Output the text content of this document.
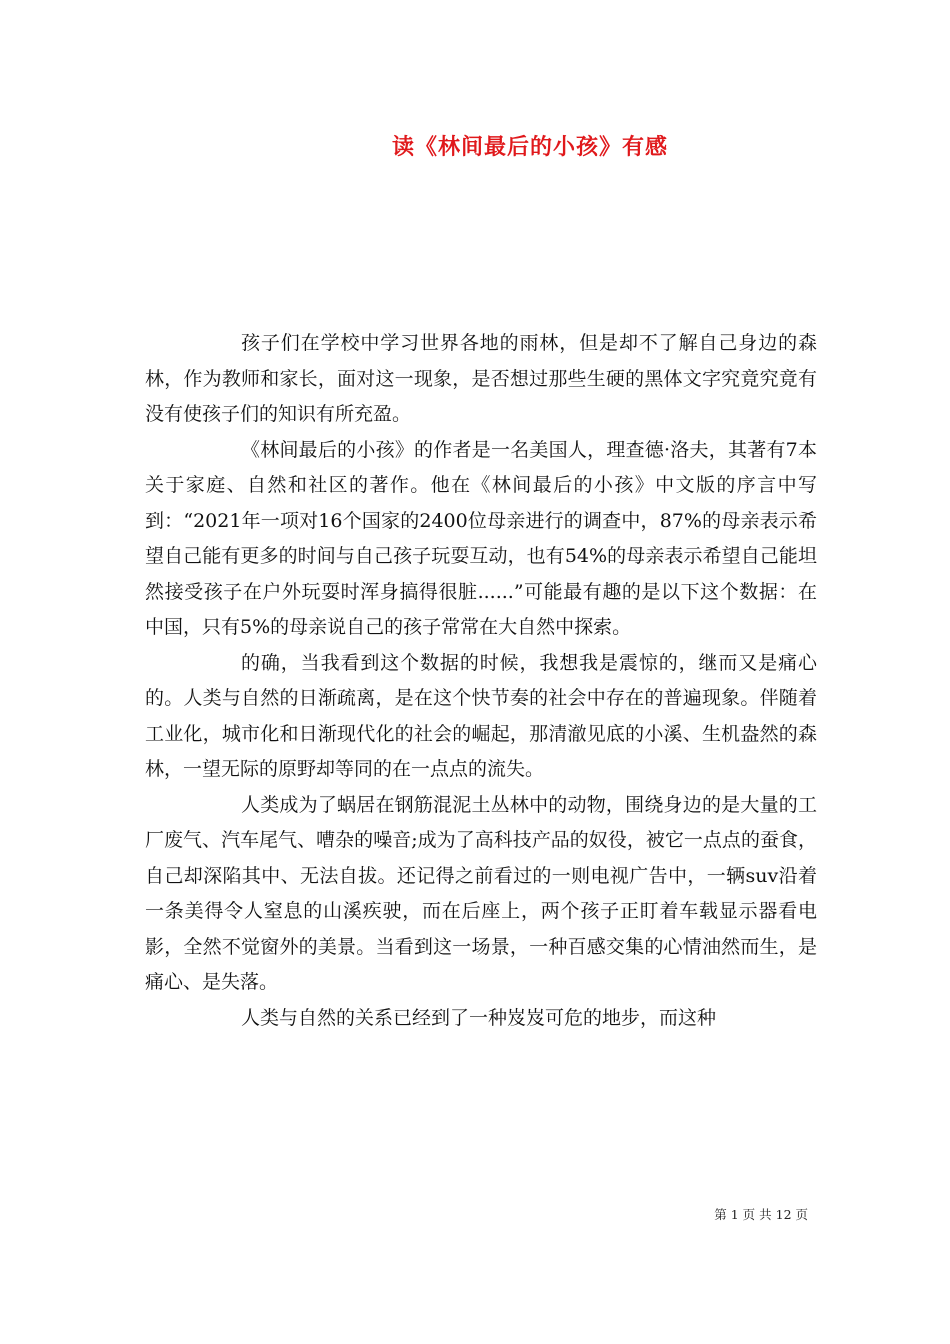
读《林间最后的小孩》有感

孩子们在学校中学习世界各地的雨林，但是却不了解自己身边的森林，作为教师和家长，面对这一现象，是否想过那些生硬的黑体文字究竟究竟有没有使孩子们的知识有所充盈。

《林间最后的小孩》的作者是一名美国人，理查德·洛夫，其著有7本关于家庭、自然和社区的著作。他在《林间最后的小孩》中文版的序言中写到：“2021年一项对16个国家的2400位母亲进行的调查中，87%的母亲表示希望自己能有更多的时间与自己孩子玩耍互动，也有54%的母亲表示希望自己能坦然接受孩子在户外玩耍时浑身搞得很脏......”可能最有趣的是以下这个数据：在中国，只有5%的母亲说自己的孩子常常在大自然中探索。

的确，当我看到这个数据的时候，我想我是震惊的，继而又是痛心的。人类与自然的日渐疏离，是在这个快节奏的社会中存在的普遍现象。伴随着工业化，城市化和日渐现代化的社会的崛起，那清澈见底的小溪、生机盎然的森林，一望无际的原野却等同的在一点点的流失。

人类成为了蜗居在钢筋混泥土丛林中的动物，围绕身边的是大量的工厂废气、汽车尾气、嘈杂的噪音;成为了高科技产品的奴役，被它一点点的蚕食，自己却深陷其中、无法自拔。还记得之前看过的一则电视广告中，一辆suv沿着一条美得令人窒息的山溪疾驶，而在后座上，两个孩子正盯着车载显示器看电影，全然不觉窗外的美景。当看到这一场景，一种百感交集的心情油然而生，是痛心、是失落。

人类与自然的关系已经到了一种岌岌可危的地步，而这种

第 1 页 共 12 页
